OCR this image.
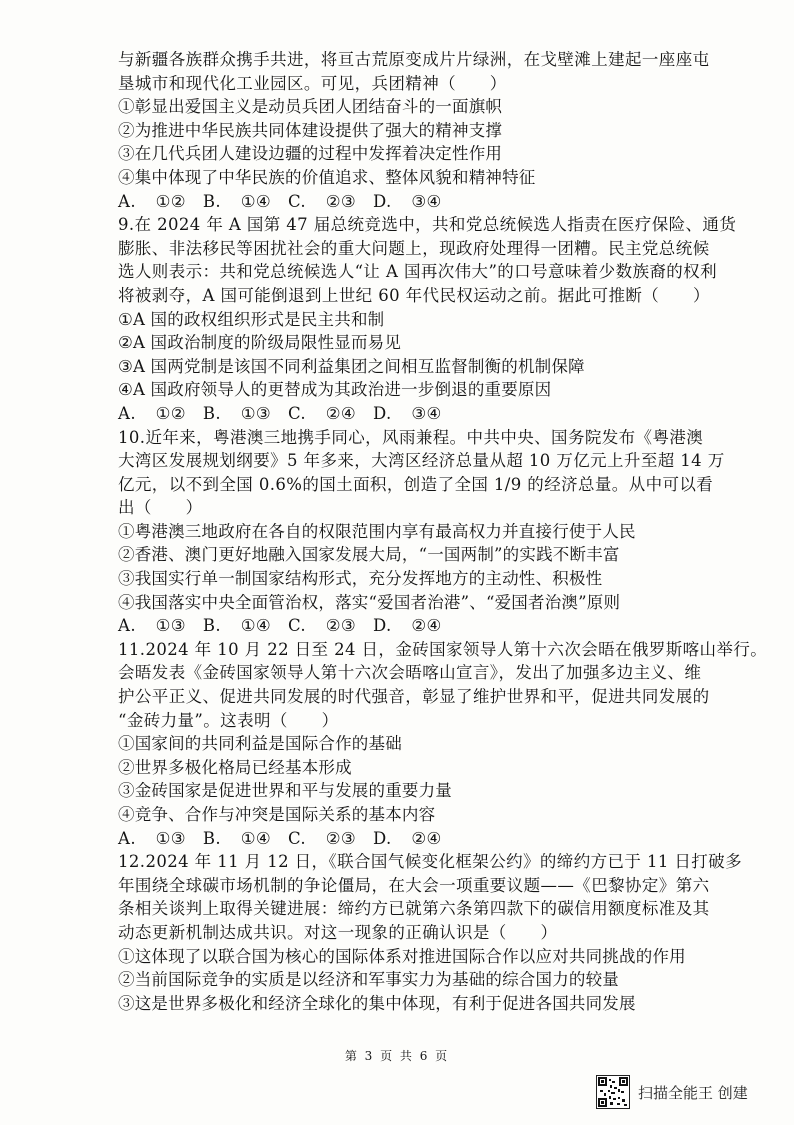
与新疆各族群众携手共进，将亘古荒原变成片片绿洲，在戈壁滩上建起一座座屯
垦城市和现代化工业园区。可见，兵团精神（　　）
①彰显出爱国主义是动员兵团人团结奋斗的一面旗帜
②为推进中华民族共同体建设提供了强大的精神支撑
③在几代兵团人建设边疆的过程中发挥着决定性作用
④集中体现了中华民族的价值追求、整体风貌和精神特征
A. ①②　B. ①④　C. ②③　D. ③④
9.在 2024 年 A 国第 47 届总统竞选中，共和党总统候选人指责在医疗保险、通货
膨胀、非法移民等困扰社会的重大问题上，现政府处理得一团糟。民主党总统候
选人则表示：共和党总统候选人“让 A 国再次伟大”的口号意味着少数族裔的权利
将被剥夺，A 国可能倒退到上世纪 60 年代民权运动之前。据此可推断（　　）
①A 国的政权组织形式是民主共和制
②A 国政治制度的阶级局限性显而易见
③A 国两党制是该国不同利益集团之间相互监督制衡的机制保障
④A 国政府领导人的更替成为其政治进一步倒退的重要原因
A. ①②　B. ①③　C. ②④　D. ③④
10.近年来，粤港澳三地携手同心，风雨兼程。中共中央、国务院发布《粤港澳
大湾区发展规划纲要》5 年多来，大湾区经济总量从超 10 万亿元上升至超 14 万
亿元，以不到全国 0.6%的国土面积，创造了全国 1/9 的经济总量。从中可以看
出（　　）
①粤港澳三地政府在各自的权限范围内享有最高权力并直接行使于人民
②香港、澳门更好地融入国家发展大局，“一国两制”的实践不断丰富
③我国实行单一制国家结构形式，充分发挥地方的主动性、积极性
④我国落实中央全面管治权，落实“爱国者治港”、“爱国者治澳”原则
A. ①③　B. ①④　C. ②③　D. ②④
11.2024 年 10 月 22 日至 24 日，金砖国家领导人第十六次会晤在俄罗斯喀山举行。
会晤发表《金砖国家领导人第十六次会晤喀山宣言》，发出了加强多边主义、维
护公平正义、促进共同发展的时代强音，彰显了维护世界和平，促进共同发展的
“金砖力量”。这表明（　　）
①国家间的共同利益是国际合作的基础
②世界多极化格局已经基本形成
③金砖国家是促进世界和平与发展的重要力量
④竞争、合作与冲突是国际关系的基本内容
A. ①③　B. ①④　C. ②③　D. ②④
12.2024 年 11 月 12 日，《联合国气候变化框架公约》的缔约方已于 11 日打破多
年围绕全球碳市场机制的争论僵局，在大会一项重要议题——《巴黎协定》第六
条相关谈判上取得关键进展：缔约方已就第六条第四款下的碳信用额度标准及其
动态更新机制达成共识。对这一现象的正确认识是（　　）
①这体现了以联合国为核心的国际体系对推进国际合作以应对共同挑战的作用
②当前国际竞争的实质是以经济和军事实力为基础的综合国力的较量
③这是世界多极化和经济全球化的集中体现，有利于促进各国共同发展
第 3 页 共 6 页
扫描全能王 创建
